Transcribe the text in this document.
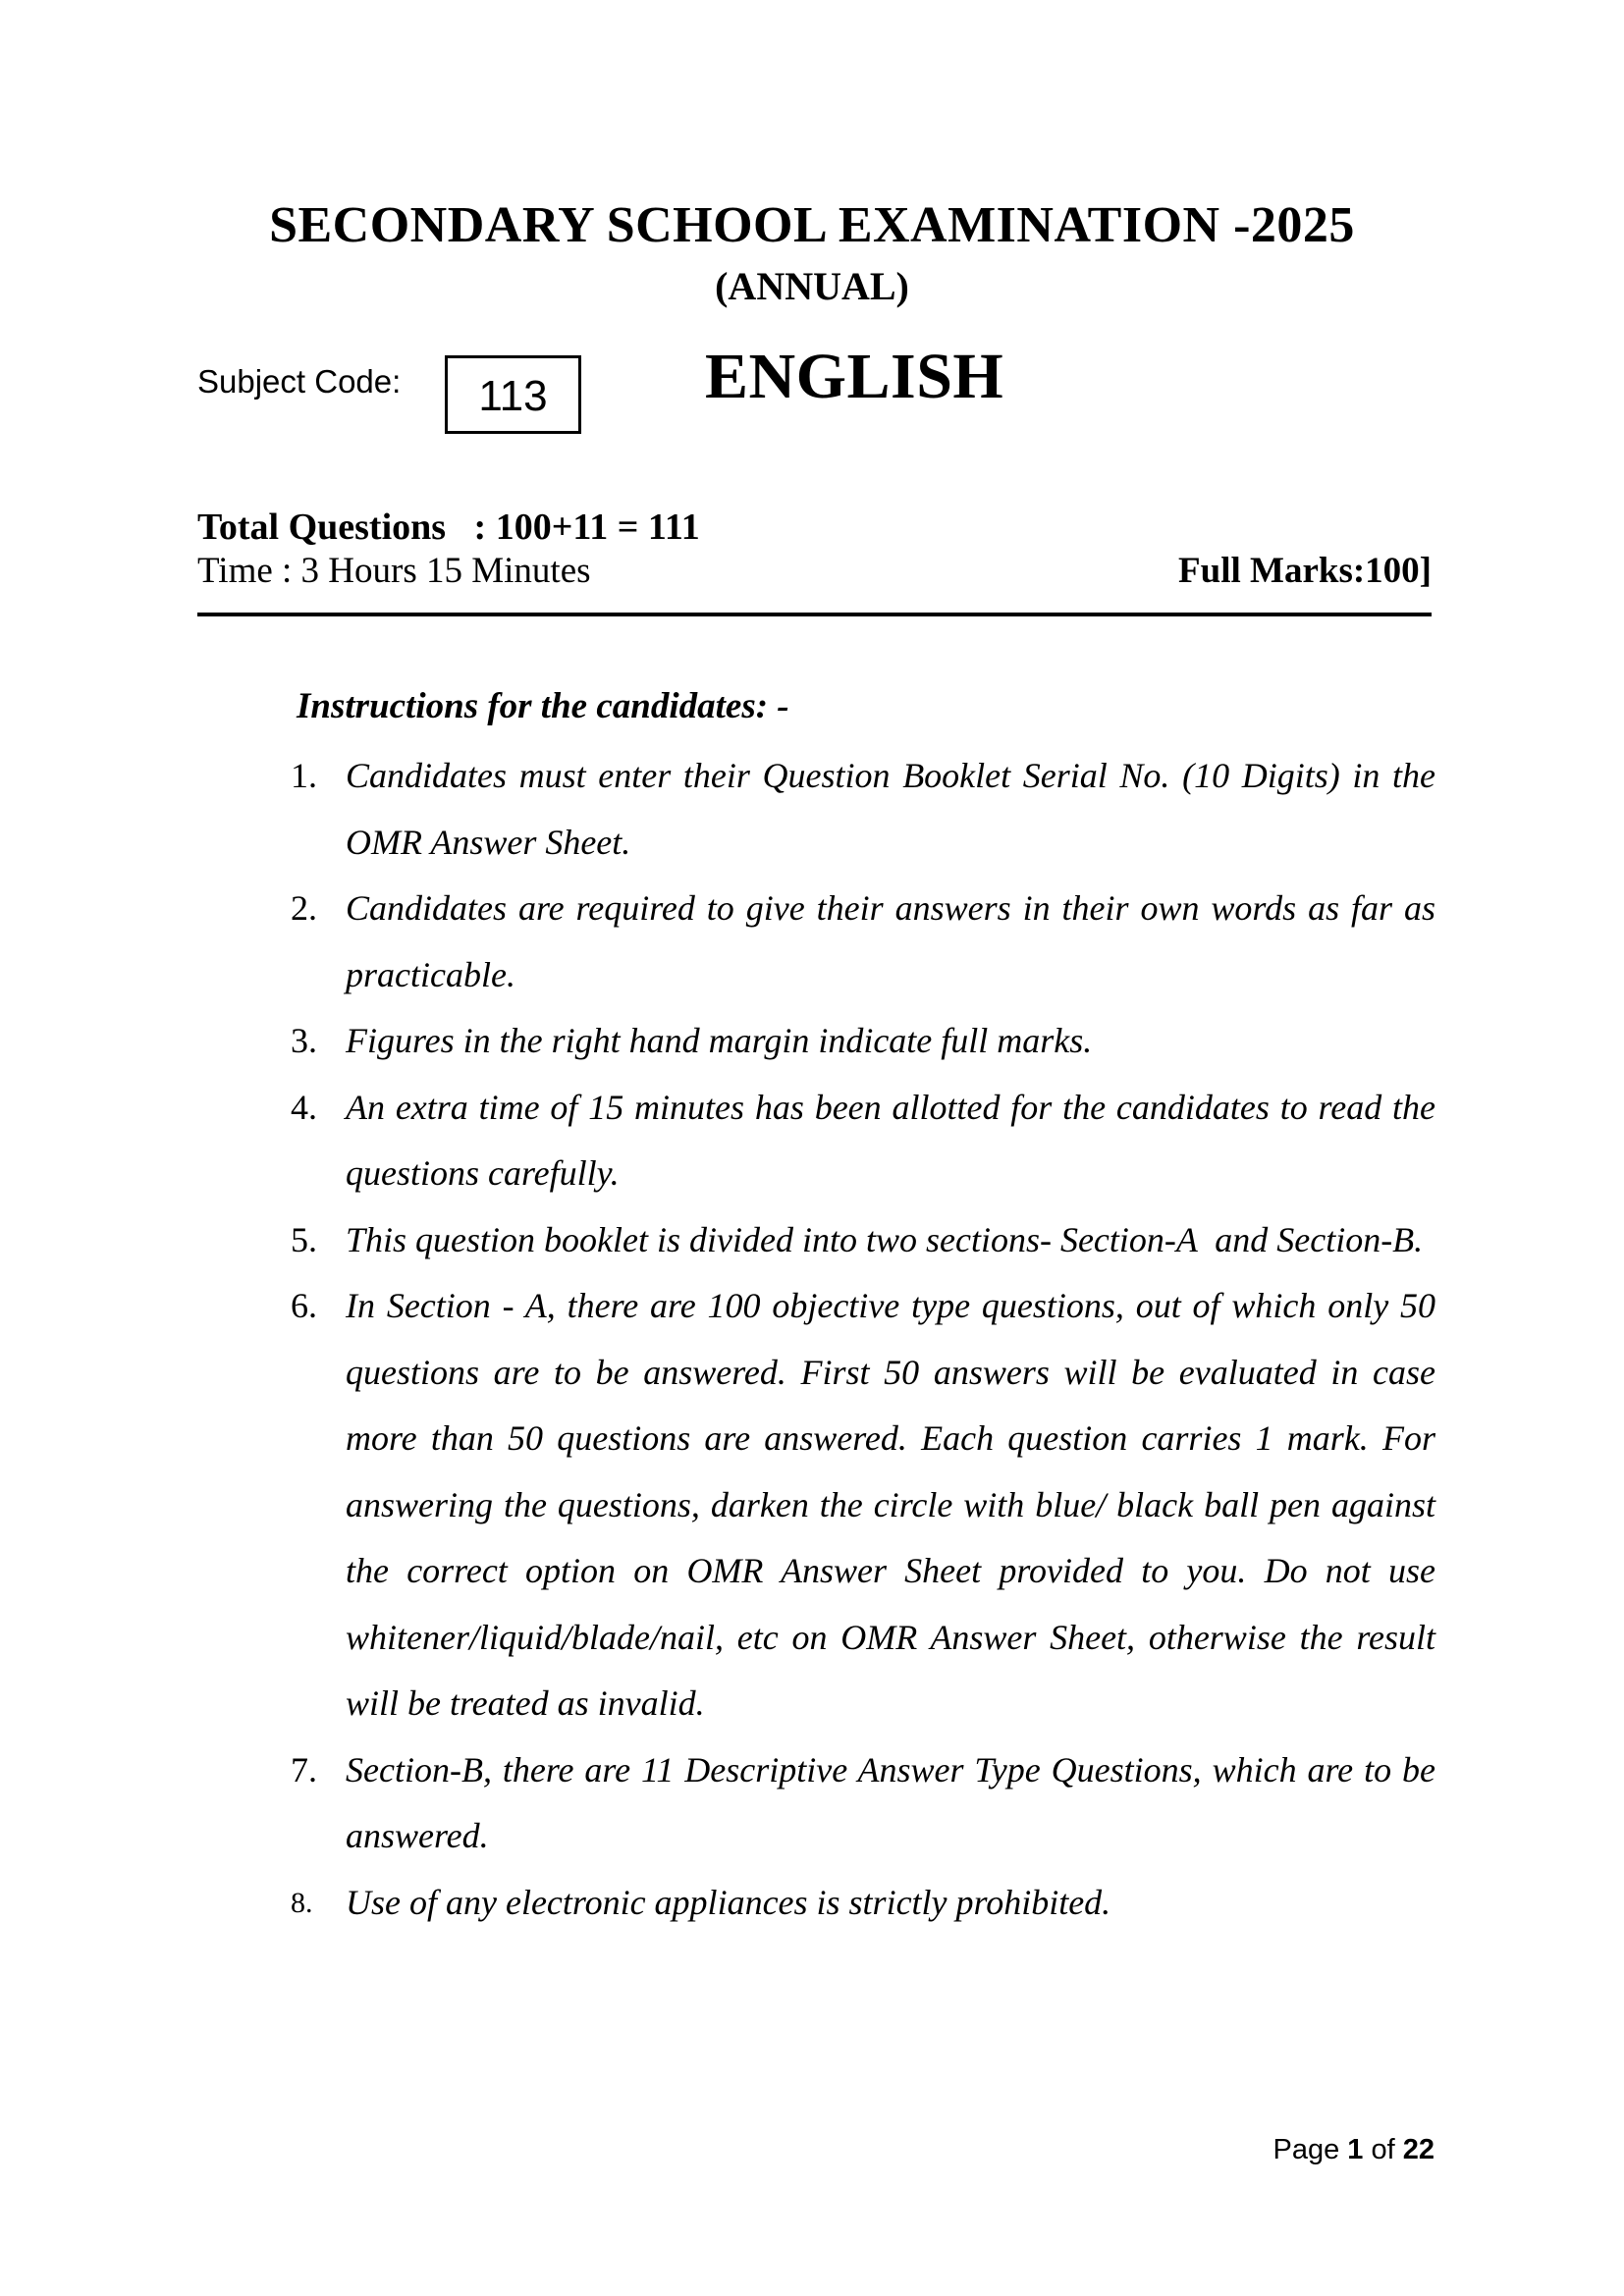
SECONDARY SCHOOL EXAMINATION -2025
(ANNUAL)
Subject Code:	113	ENGLISH
Total Questions   : 100+11 = 111
Time : 3 Hours 15 Minutes	Full Marks:100]
Instructions for the candidates: -
1. Candidates must enter their Question Booklet Serial No. (10 Digits) in the OMR Answer Sheet.
2. Candidates are required to give their answers in their own words as far as practicable.
3. Figures in the right hand margin indicate full marks.
4. An extra time of 15 minutes has been allotted for the candidates to read the questions carefully.
5. This question booklet is divided into two sections- Section-A  and Section-B.
6. In Section - A, there are 100 objective type questions, out of which only 50 questions are to be answered. First 50 answers will be evaluated in case more than 50 questions are answered. Each question carries 1 mark. For answering the questions, darken the circle with blue/ black ball pen against the correct option on OMR Answer Sheet provided to you. Do not use whitener/liquid/blade/nail, etc on OMR Answer Sheet, otherwise the result will be treated as invalid.
7. Section-B, there are 11 Descriptive Answer Type Questions, which are to be answered.
8. Use of any electronic appliances is strictly prohibited.
Page 1 of 22
